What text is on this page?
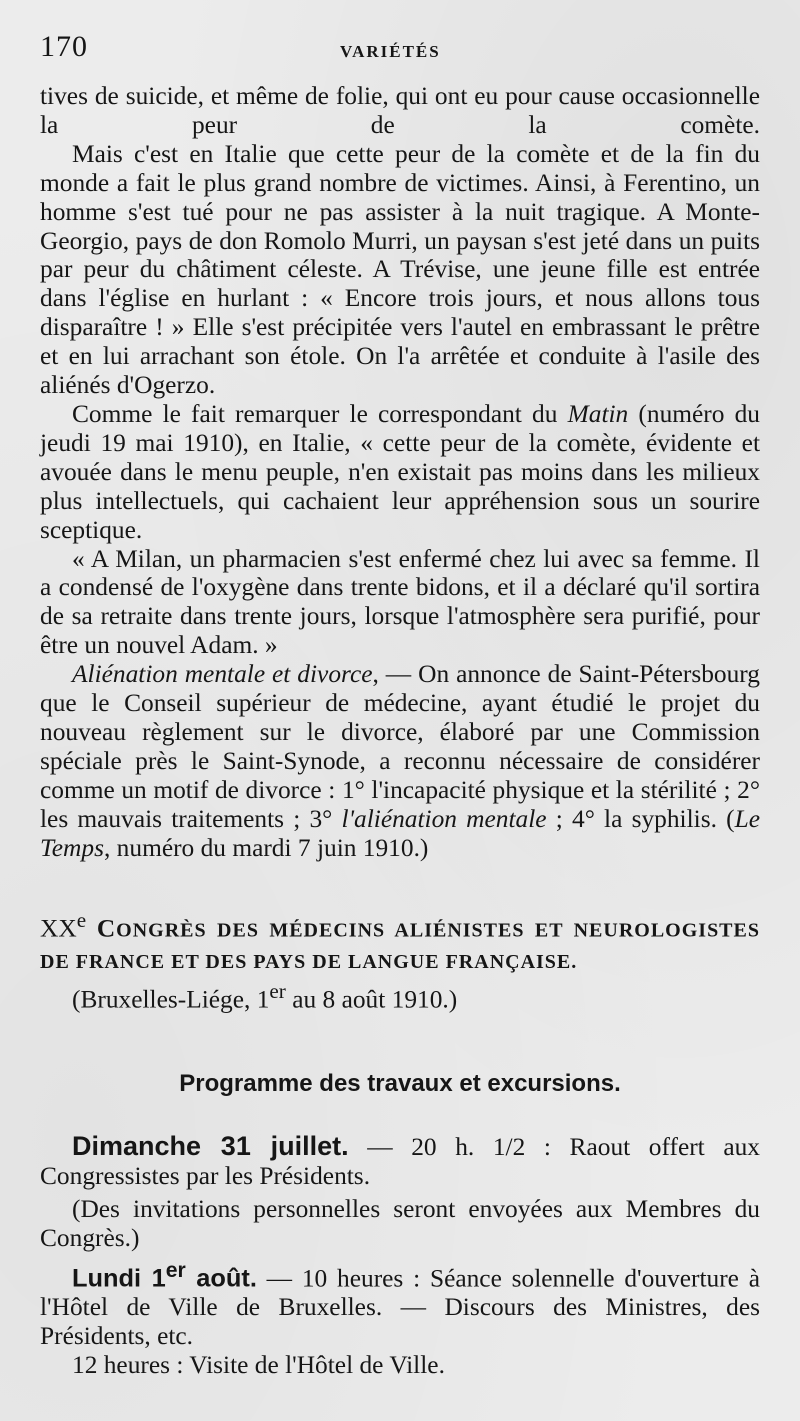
170	VARIÉTÉS

tives de suicide, et même de folie, qui ont eu pour cause occasionnelle la peur de la comète.

Mais c'est en Italie que cette peur de la comète et de la fin du monde a fait le plus grand nombre de victimes. Ainsi, à Ferentino, un homme s'est tué pour ne pas assister à la nuit tragique. A Monte-Georgio, pays de don Romolo Murri, un paysan s'est jeté dans un puits par peur du châtiment céleste. A Trévise, une jeune fille est entrée dans l'église en hurlant : « Encore trois jours, et nous allons tous disparaître ! » Elle s'est précipitée vers l'autel en embrassant le prêtre et en lui arrachant son étole. On l'a arrêtée et conduite à l'asile des aliénés d'Ogerzo.

Comme le fait remarquer le correspondant du Matin (numéro du jeudi 19 mai 1910), en Italie, « cette peur de la comète, évidente et avouée dans le menu peuple, n'en existait pas moins dans les milieux plus intellectuels, qui cachaient leur appréhension sous un sourire sceptique.

« A Milan, un pharmacien s'est enfermé chez lui avec sa femme. Il a condensé de l'oxygène dans trente bidons, et il a déclaré qu'il sortira de sa retraite dans trente jours, lorsque l'atmosphère sera purifié, pour être un nouvel Adam. »

Aliénation mentale et divorce, — On annonce de Saint-Pétersbourg que le Conseil supérieur de médecine, ayant étudié le projet du nouveau règlement sur le divorce, élaboré par une Commission spéciale près le Saint-Synode, a reconnu nécessaire de considérer comme un motif de divorce : 1° l'incapacité physique et la stérilité ; 2° les mauvais traitements ; 3° l'aliénation mentale ; 4° la syphilis. (Le Temps, numéro du mardi 7 juin 1910.)

XXe CONGRÈS DES MÉDECINS ALIÉNISTES ET NEUROLOGISTES DE FRANCE ET DES PAYS DE LANGUE FRANÇAISE.

(Bruxelles-Liége, 1er au 8 août 1910.)

Programme des travaux et excursions.

Dimanche 31 juillet. — 20 h. 1/2 : Raout offert aux Congressistes par les Présidents.

(Des invitations personnelles seront envoyées aux Membres du Congrès.)

Lundi 1er août. — 10 heures : Séance solennelle d'ouverture à l'Hôtel de Ville de Bruxelles. — Discours des Ministres, des Présidents, etc.

12 heures : Visite de l'Hôtel de Ville.
